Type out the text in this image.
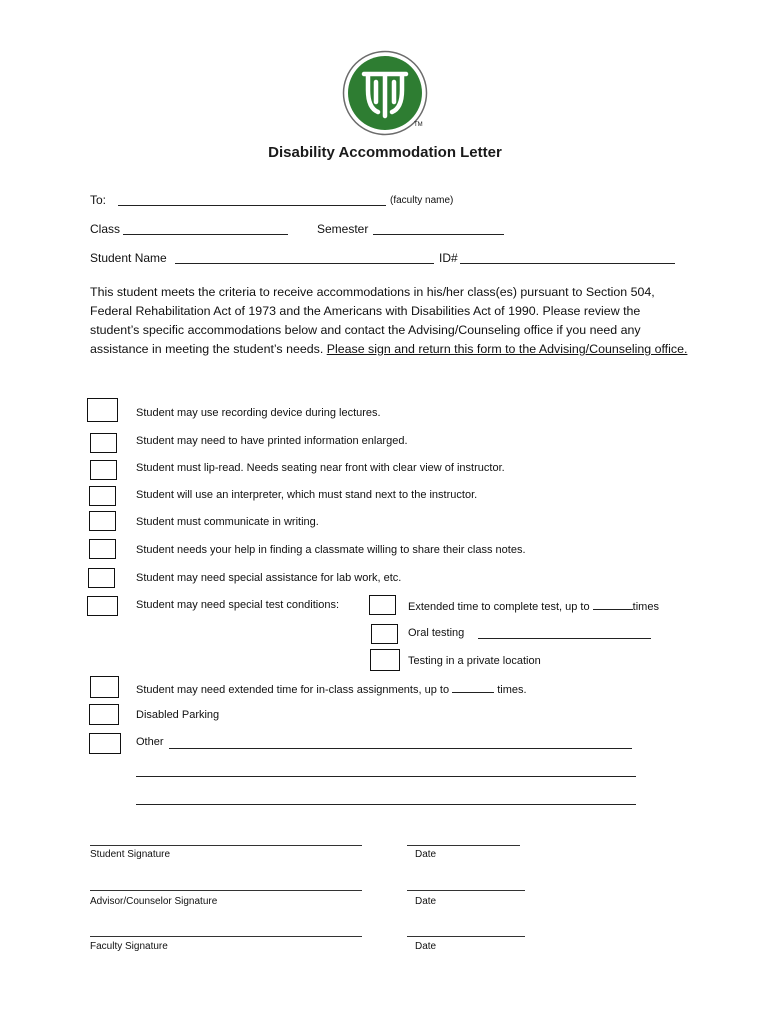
TM
Disability Accommodation Letter
To:	(faculty name)
Class	Semester
Student Name	ID#
This student meets the criteria to receive accommodations in his/her class(es) pursuant to Section 504, Federal Rehabilitation Act of 1973 and the Americans with Disabilities Act of 1990. Please review the student’s specific accommodations below and contact the Advising/Counseling office if you need any assistance in meeting the student’s needs. Please sign and return this form to the Advising/Counseling office.
Student may use recording device during lectures.
Student may need to have printed information enlarged.
Student must lip-read. Needs seating near front with clear view of instructor.
Student will use an interpreter, which must stand next to the instructor.
Student must communicate in writing.
Student needs your help in finding a classmate willing to share their class notes.
Student may need special assistance for lab work, etc.
Student may need special test conditions:	Extended time to complete test, up to	times
Oral testing
Testing in a private location
Student may need extended time for in-class assignments, up to	times.
Disabled Parking
Other
Student Signature	Date
Advisor/Counselor Signature	Date
Faculty Signature	Date
